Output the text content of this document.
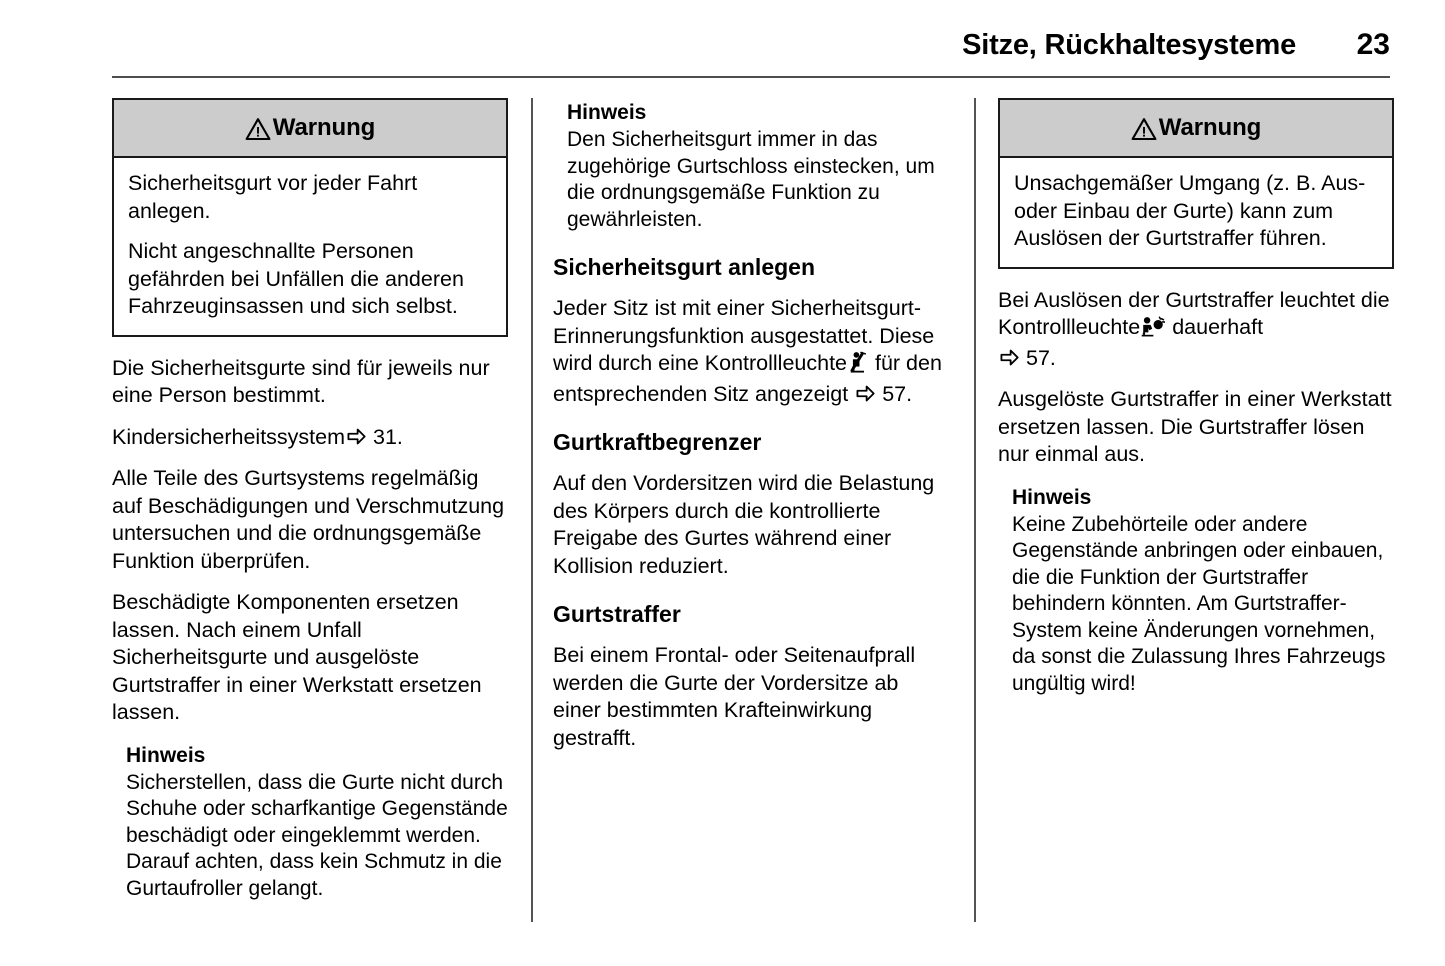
Sitze, Rückhaltesysteme 23
Warnung

Sicherheitsgurt vor jeder Fahrt anlegen.

Nicht angeschnallte Personen gefährden bei Unfällen die anderen Fahrzeuginsassen und sich selbst.

Die Sicherheitsgurte sind für jeweils nur eine Person bestimmt.

Kindersicherheitssystem 31.

Alle Teile des Gurtsystems regelmäßig auf Beschädigungen und Verschmutzung untersuchen und die ordnungsgemäße Funktion überprüfen.

Beschädigte Komponenten ersetzen lassen. Nach einem Unfall Sicherheitsgurte und ausgelöste Gurtstraffer in einer Werkstatt ersetzen lassen.

Hinweis
Sicherstellen, dass die Gurte nicht durch Schuhe oder scharfkantige Gegenstände beschädigt oder eingeklemmt werden. Darauf achten, dass kein Schmutz in die Gurtaufroller gelangt.
Hinweis
Den Sicherheitsgurt immer in das zugehörige Gurtschloss einstecken, um die ordnungsgemäße Funktion zu gewährleisten.
Sicherheitsgurt anlegen

Jeder Sitz ist mit einer Sicherheitsgurt-Erinnerungsfunktion ausgestattet. Diese wird durch eine Kontrollleuchte für den entsprechenden Sitz angezeigt 57.

Gurtkraftbegrenzer

Auf den Vordersitzen wird die Belastung des Körpers durch die kontrollierte Freigabe des Gurtes während einer Kollision reduziert.

Gurtstraffer

Bei einem Frontal- oder Seitenaufprall werden die Gurte der Vordersitze ab einer bestimmten Krafteinwirkung gestrafft.

Warnung

Unsachgemäßer Umgang (z. B. Aus- oder Einbau der Gurte) kann zum Auslösen der Gurtstraffer führen.

Bei Auslösen der Gurtstraffer leuchtet die Kontrollleuchte dauerhaft
57.

Ausgelöste Gurtstraffer in einer Werkstatt ersetzen lassen. Die Gurtstraffer lösen nur einmal aus.

Hinweis
Keine Zubehörteile oder andere Gegenstände anbringen oder einbauen, die die Funktion der Gurtstraffer behindern könnten. Am Gurtstraffer-System keine Änderungen vornehmen, da sonst die Zulassung Ihres Fahrzeugs ungültig wird!
